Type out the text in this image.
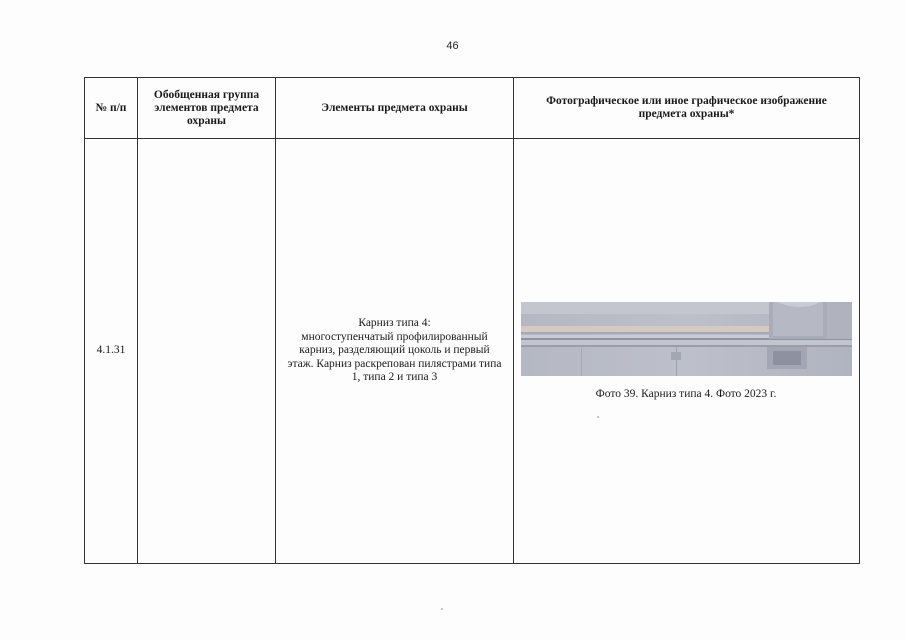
46
№ п/п
Обобщенная группа элементов предмета охраны
Элементы предмета охраны
Фотографическое или иное графическое изображение предмета охраны*
4.1.31
Карниз типа 4:
многоступенчатый профилированный карниз, разделяющий цоколь и первый этаж. Карниз раскрепован пилястрами типа 1, типа 2 и типа 3
Фото 39. Карниз типа 4. Фото 2023 г.
